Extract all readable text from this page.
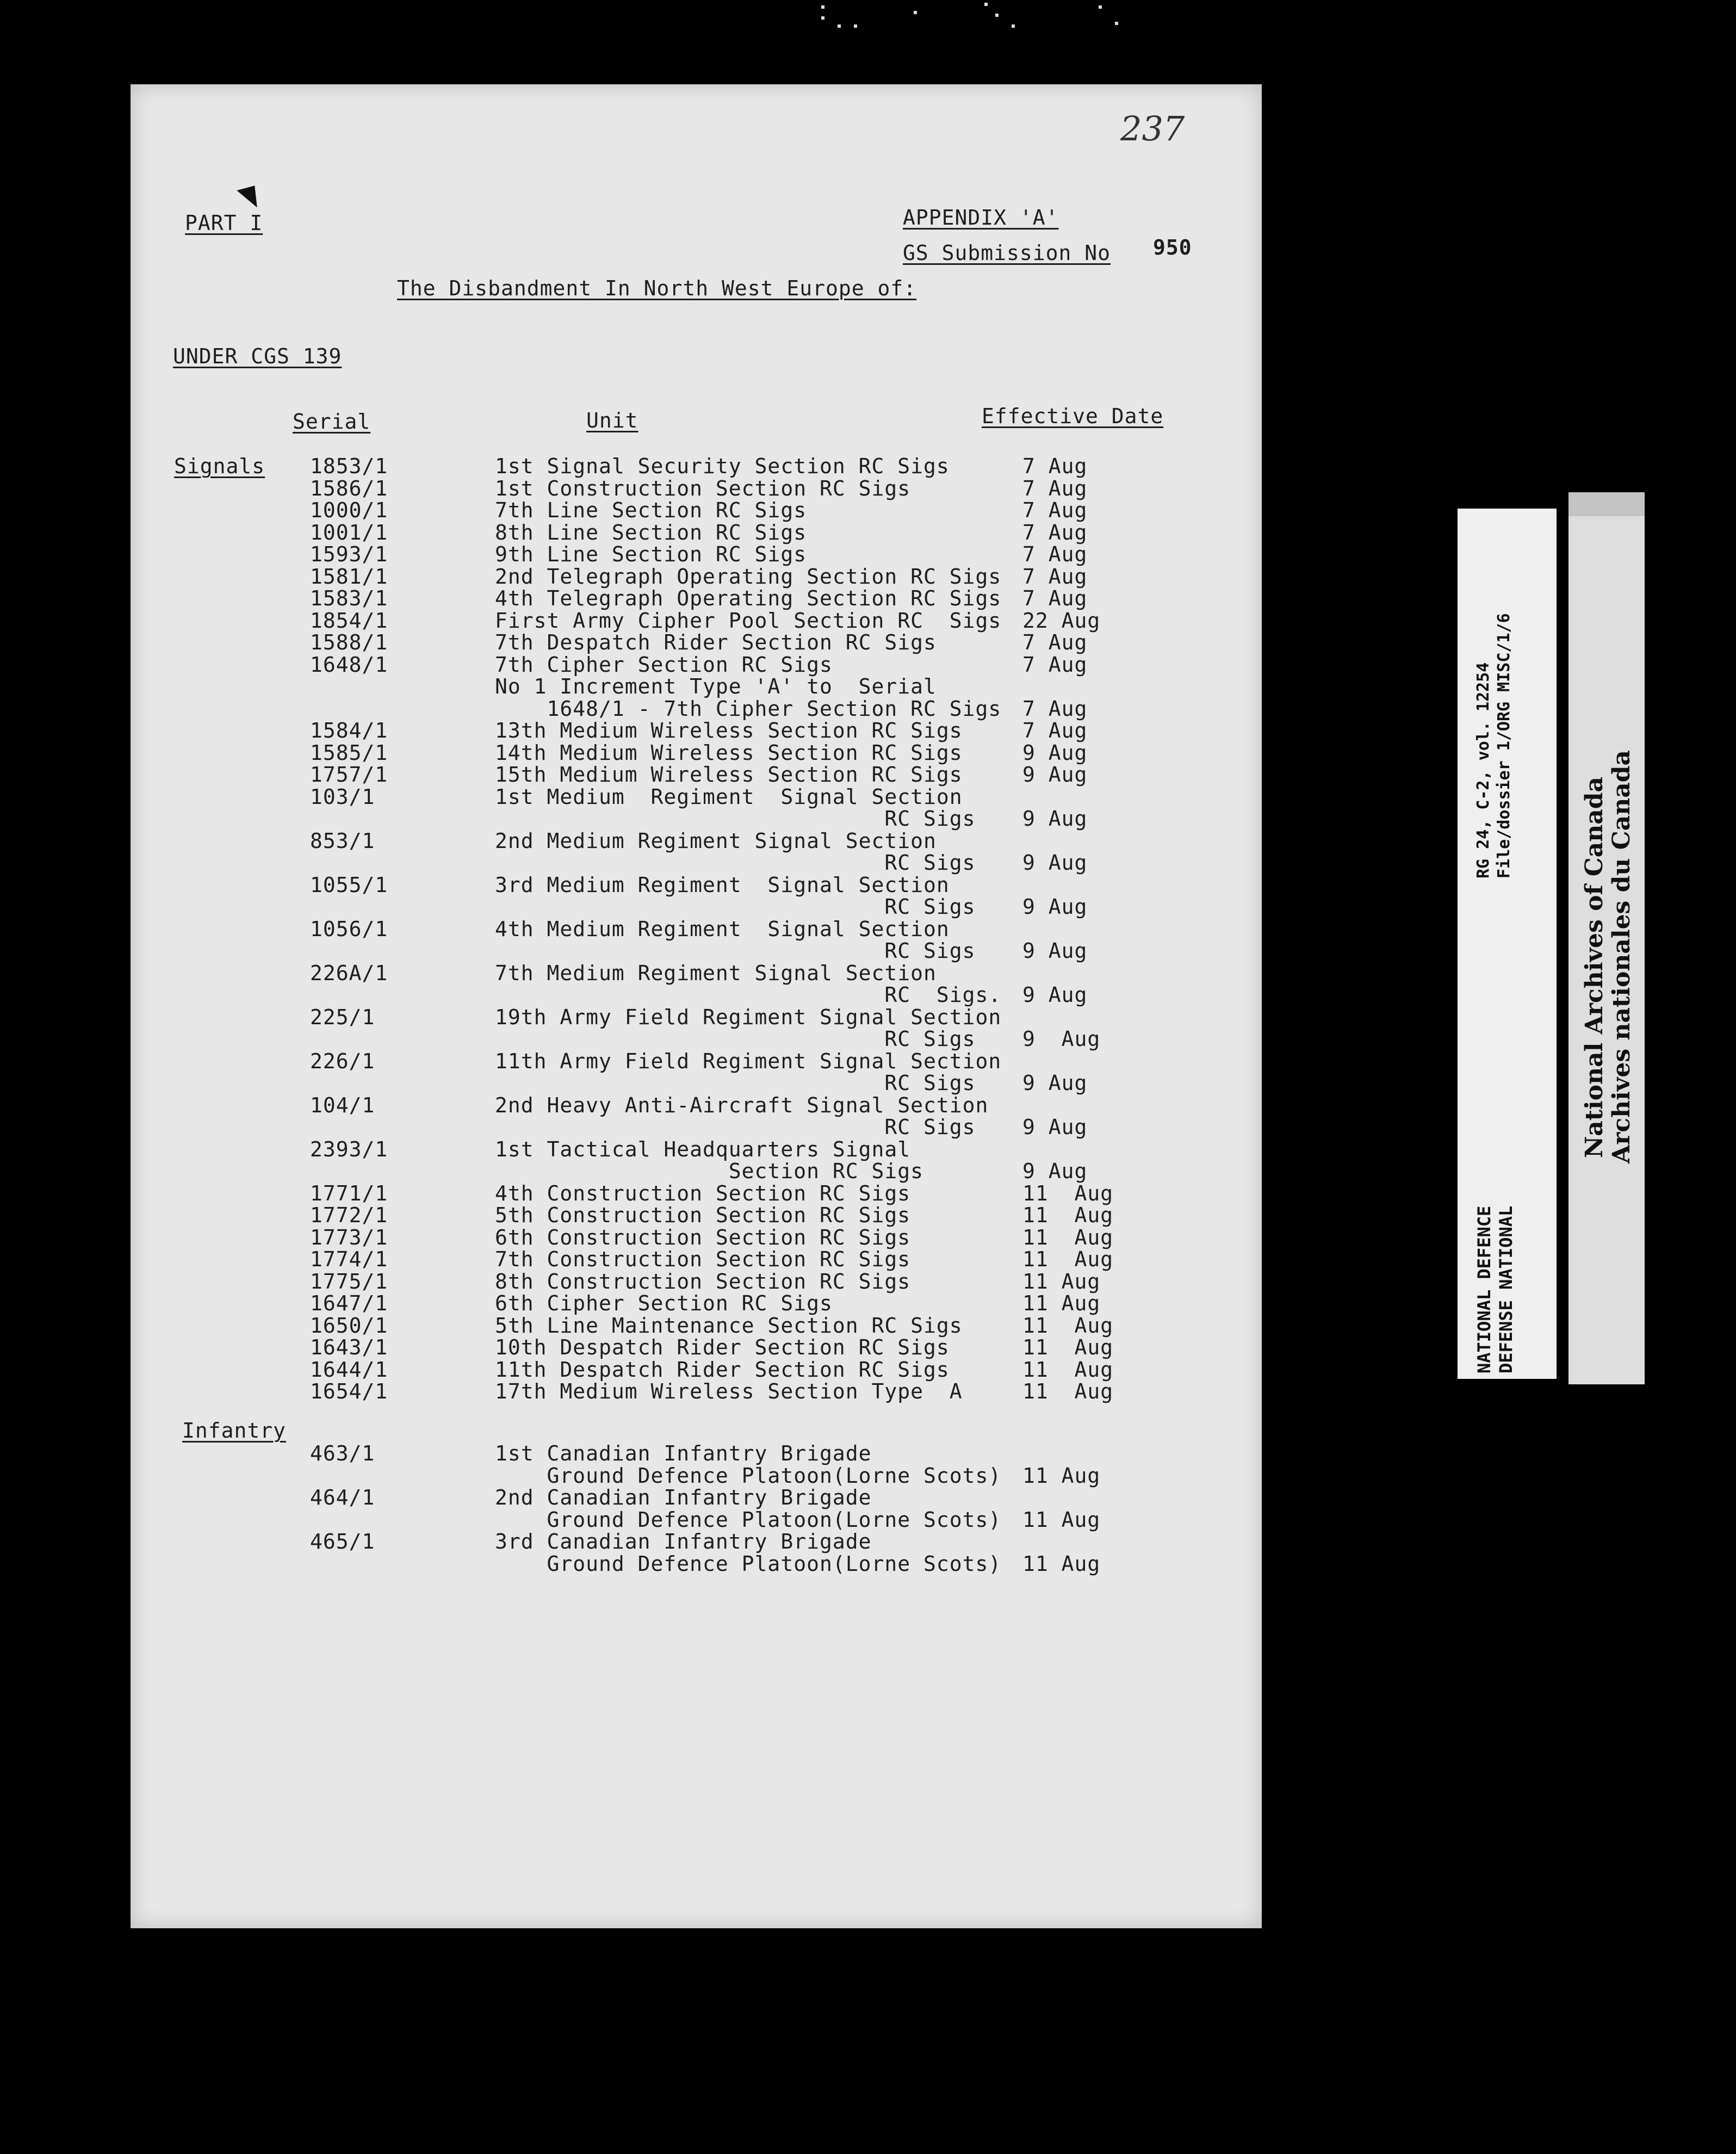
237
PART I	APPENDIX 'A'
GS Submission No 950
The Disbandment In North West Europe of:
UNDER CGS 139
Serial	Unit	Effective Date
Signals 1853/1	1st Signal Security Section RC Sigs	7 Aug
1586/1	1st Construction Section RC Sigs	7 Aug
1000/1	7th Line Section RC Sigs	7 Aug
1001/1	8th Line Section RC Sigs	7 Aug
1593/1	9th Line Section RC Sigs	7 Aug
1581/1	2nd Telegraph Operating Section RC Sigs 7 Aug
1583/1	4th Telegraph Operating Section RC Sigs 7 Aug
1854/1	First Army Cipher Pool Section RC  Sigs 22 Aug
1588/1	7th Despatch Rider Section RC Sigs	7 Aug
1648/1	7th Cipher Section RC Sigs	7 Aug
No 1 Increment Type 'A' to  Serial
1648/1 - 7th Cipher Section RC Sigs 7 Aug
1584/1	13th Medium Wireless Section RC Sigs	7 Aug
1585/1	14th Medium Wireless Section RC Sigs	9 Aug
1757/1	15th Medium Wireless Section RC Sigs	9 Aug
103/1	1st Medium  Regiment  Signal Section
RC Sigs 9 Aug
853/1	2nd Medium Regiment Signal Section
RC Sigs 9 Aug
1055/1	3rd Medium Regiment  Signal Section
RC Sigs 9 Aug
1056/1	4th Medium Regiment  Signal Section
RC Sigs 9 Aug
226A/1	7th Medium Regiment Signal Section
RC  Sigs. 9 Aug
225/1	19th Army Field Regiment Signal Section
RC Sigs 9  Aug
226/1	11th Army Field Regiment Signal Section
RC Sigs 9 Aug
104/1	2nd Heavy Anti-Aircraft Signal Section
RC Sigs 9 Aug
2393/1	1st Tactical Headquarters Signal
Section RC Sigs	9 Aug
1771/1	4th Construction Section RC Sigs	11  Aug
1772/1	5th Construction Section RC Sigs	11  Aug
1773/1	6th Construction Section RC Sigs	11  Aug
1774/1	7th Construction Section RC Sigs	11  Aug
1775/1	8th Construction Section RC Sigs	11 Aug
1647/1	6th Cipher Section RC Sigs	11 Aug
1650/1	5th Line Maintenance Section RC Sigs	11  Aug
1643/1	10th Despatch Rider Section RC Sigs	11  Aug
1644/1	11th Despatch Rider Section RC Sigs	11  Aug
1654/1	17th Medium Wireless Section Type  A	11  Aug
Infantry
463/1	1st Canadian Infantry Brigade
Ground Defence Platoon(Lorne Scots) 11 Aug
464/1	2nd Canadian Infantry Brigade
Ground Defence Platoon(Lorne Scots) 11 Aug
465/1	3rd Canadian Infantry Brigade
Ground Defence Platoon(Lorne Scots) 11 Aug
RG 24, C-2, vol. 12254 File/dossier 1/ORG MISC/1/6
NATIONAL DEFENCE DEFENSE NATIONAL
National Archives of Canada Archives nationales du Canada
